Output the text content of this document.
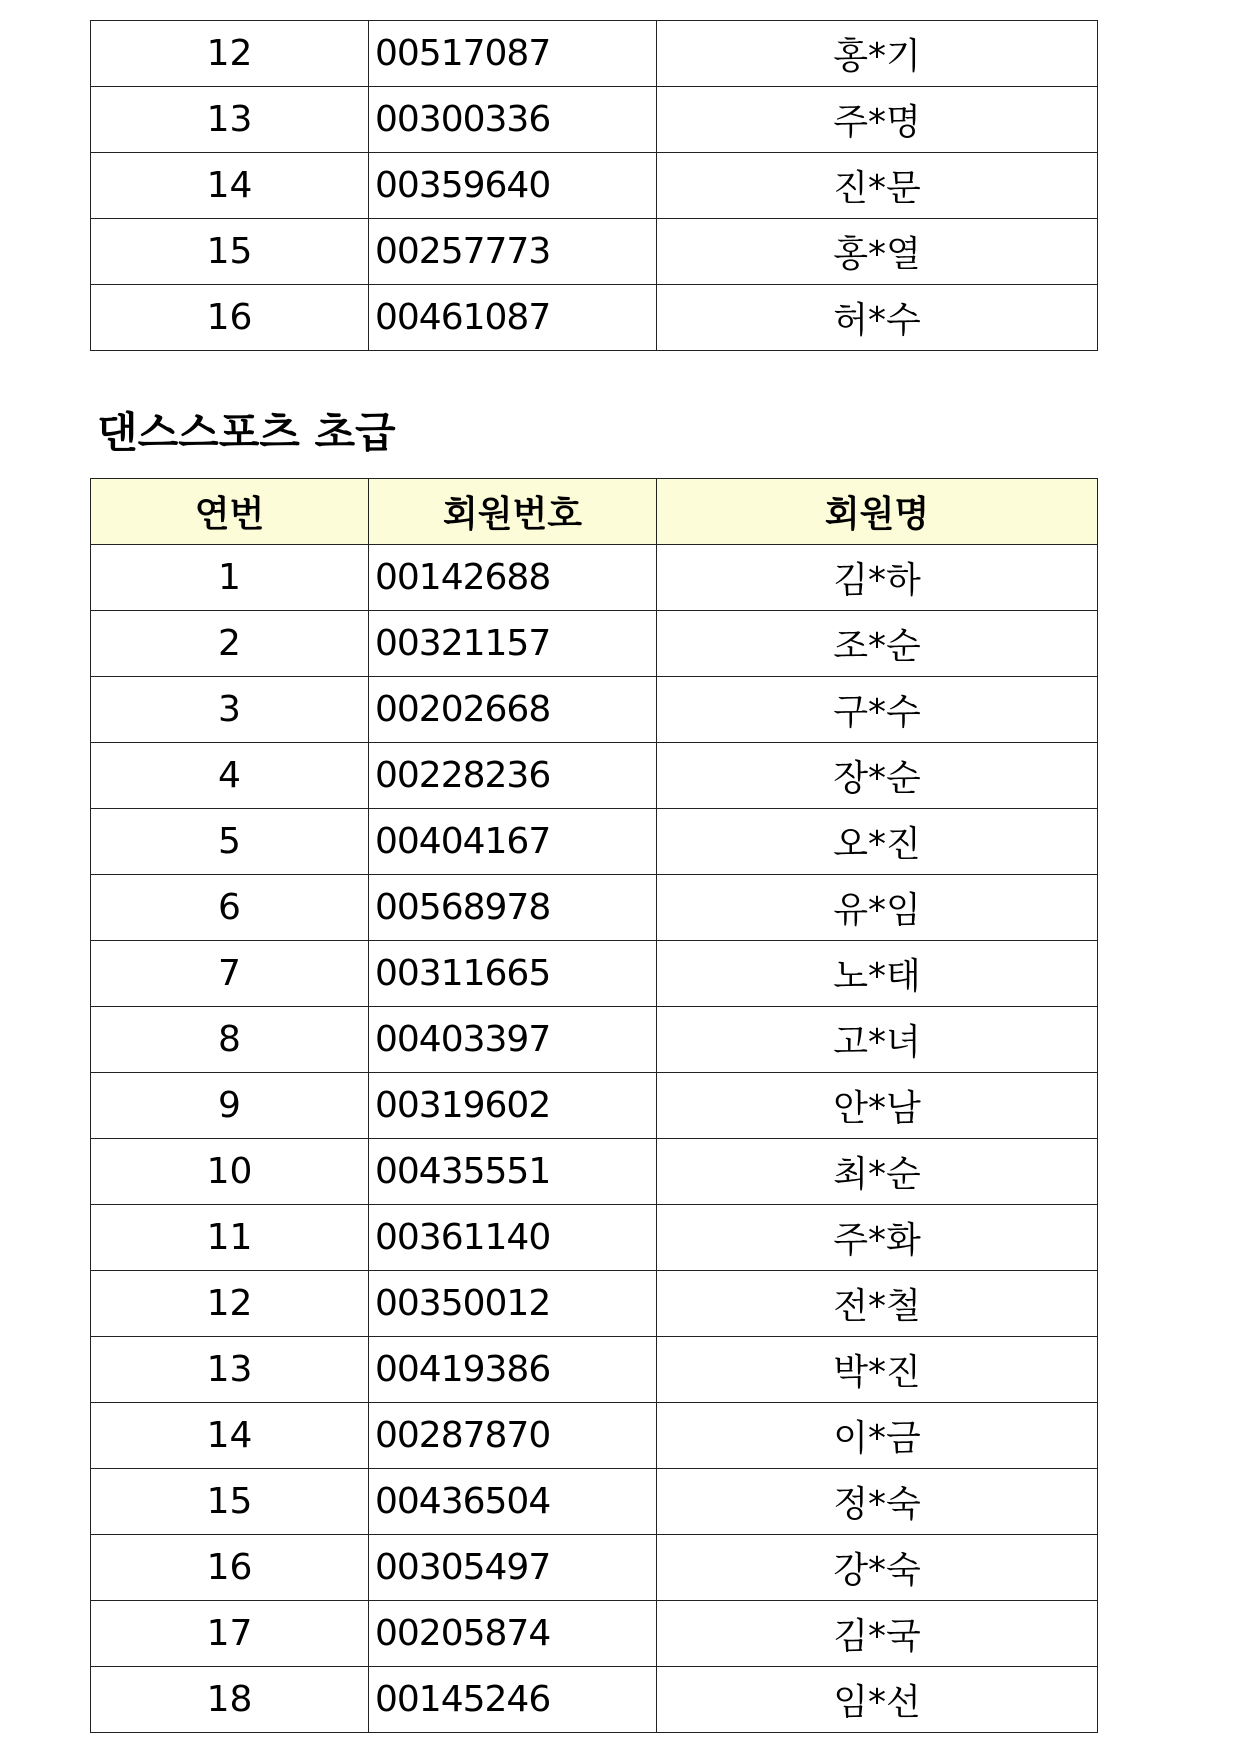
12	00517087	홍*기
13	00300336	주*명
14	00359640	진*문
15	00257773	홍*열
16	00461087	허*수
댄스스포츠 초급
연번	회원번호	회원명
1	00142688	김*하
2	00321157	조*순
3	00202668	구*수
4	00228236	장*순
5	00404167	오*진
6	00568978	유*임
7	00311665	노*태
8	00403397	고*녀
9	00319602	안*남
10	00435551	최*순
11	00361140	주*화
12	00350012	전*철
13	00419386	박*진
14	00287870	이*금
15	00436504	정*숙
16	00305497	강*숙
17	00205874	김*국
18	00145246	임*선
